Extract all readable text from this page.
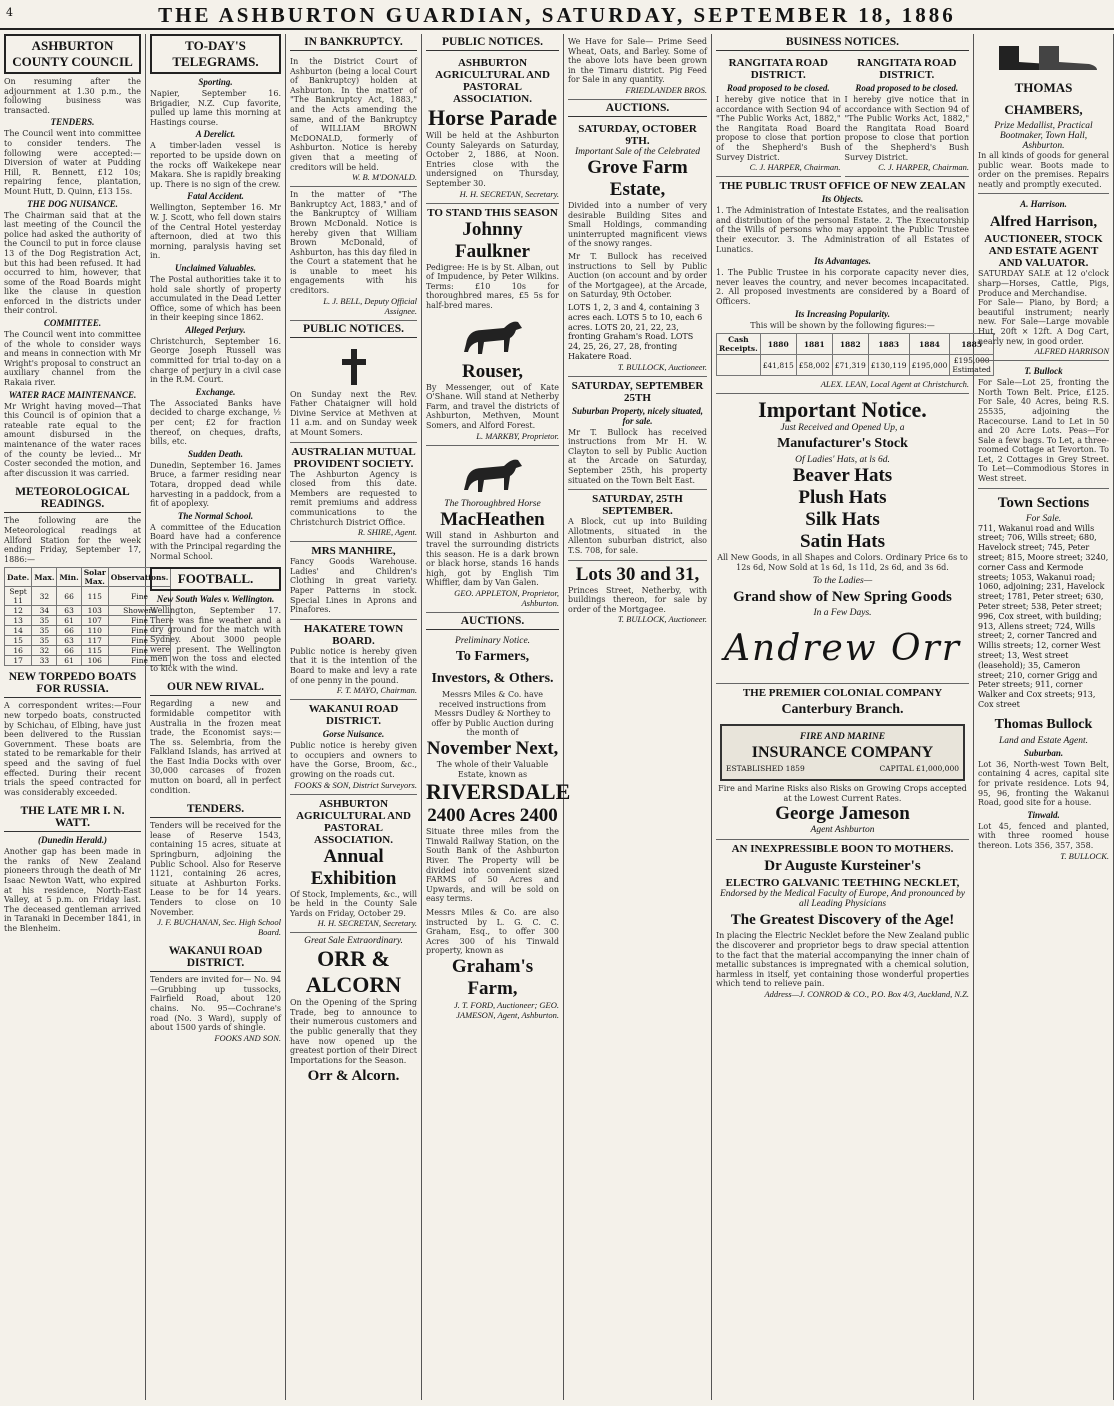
4	THE ASHBURTON GUARDIAN, SATURDAY, SEPTEMBER 18, 1886
ASHBURTON COUNTY COUNCIL
On resuming after the adjournment at 1.30 p.m., the following business was transacted.
TENDERS.
The Council went into committee to consider tenders. The following were accepted:—Diversion of water at Pudding Hill, R. Bennett, £12 10s; repairing fence, plantation, Mount Hutt, D. Quinn, £13 15s.
THE DOG NUISANCE.
The Chairman said that at the last meeting of the Council the police had asked the authority of the Council to put in force clause 13 of the Dog Registration Act, but this had been refused. It had occurred to him, however, that some of the Road Boards might like the clause in question enforced in the districts under their control.
COMMITTEE.
The Council went into committee of the whole to consider ways and means in connection with Mr Wright's proposal to construct an auxiliary channel from the Rakaia river.
WATER RACE MAINTENANCE.
Mr Wright having moved—That this Council is of opinion that a rateable rate equal to the amount disbursed in the maintenance of the water races of the county be levied... Mr Coster seconded the motion, and after discussion it was carried.
METEOROLOGICAL READINGS.
The following are the Meteorological readings at Allford Station for the week ending Friday, September 17, 1886:—
Date.	Max.	Min.	Solar Max.	Observations.
Sept 11	32	66	115	Fine
12	34	63	103	Showers
13	35	61	107	Fine
14	35	66	110	Fine
15	35	63	117	Fine
16	32	66	115	Fine
17	33	61	106	Fine
NEW TORPEDO BOATS FOR RUSSIA.
A correspondent writes:—Four new torpedo boats, constructed by Schichau, of Elbing, have just been delivered to the Russian Government. These boats are stated to be remarkable for their speed and the saving of fuel effected. During their recent trials the speed contracted for was considerably exceeded.
THE LATE MR I. N. WATT.
(Dunedin Herald.)
Another gap has been made in the ranks of New Zealand pioneers through the death of Mr Isaac Newton Watt, who expired at his residence, North-East Valley, at 5 p.m. on Friday last. The deceased gentleman arrived in Taranaki in December 1841, in the Blenheim.
TO-DAY'S TELEGRAMS.
Sporting.
Napier, September 16. Brigadier, N.Z. Cup favorite, pulled up lame this morning at Hastings course.
A Derelict.
A timber-laden vessel is reported to be upside down on the rocks off Waikekepe near Makara. She is rapidly breaking up. There is no sign of the crew.
Fatal Accident.
Wellington, September 16. Mr W. J. Scott, who fell down stairs of the Central Hotel yesterday afternoon, died at two this morning, paralysis having set in.
Unclaimed Valuables.
The Postal authorities take it to hold sale shortly of property accumulated in the Dead Letter Office, some of which has been in their keeping since 1862.
Alleged Perjury.
Christchurch, September 16. George Joseph Russell was committed for trial to-day on a charge of perjury in a civil case in the R.M. Court.
Exchange.
The Associated Banks have decided to charge exchange, ½ per cent; £2 for fraction thereof, on cheques, drafts, bills, etc.
Sudden Death.
Dunedin, September 16. James Bruce, a farmer residing near Totara, dropped dead while harvesting in a paddock, from a fit of apoplexy.
The Normal School.
A committee of the Education Board have had a conference with the Principal regarding the Normal School.
FOOTBALL.
New South Wales v. Wellington.
Wellington, September 17. There was fine weather and a dry ground for the match with Sydney. About 3000 people were present. The Wellington men won the toss and elected to kick with the wind.
OUR NEW RIVAL.
Regarding a new and formidable competitor with Australia in the frozen meat trade, the Economist says:— The ss. Selembria, from the Falkland Islands, has arrived at the East India Docks with over 30,000 carcases of frozen mutton on board, all in perfect condition.
TENDERS.
Tenders will be received for the lease of Reserve 1543, containing 15 acres, situate at Springburn, adjoining the Public School. Also for Reserve 1121, containing 26 acres, situate at Ashburton Forks. Lease to be for 14 years. Tenders to close on 10 November.
J. F. BUCHANAN, Sec. High School Board.
WAKANUI ROAD DISTRICT.
Tenders are invited for— No. 94—Grubbing up tussocks, Fairfield Road, about 120 chains. No. 95—Cochrane's road (No. 3 Ward), supply of about 1500 yards of shingle.
FOOKS AND SON.
IN BANKRUPTCY.
In the District Court of Ashburton (being a local Court of Bankruptcy) holden at Ashburton. In the matter of "The Bankruptcy Act, 1883," and the Acts amending the same, and of the Bankruptcy of WILLIAM BROWN McDONALD, formerly of Ashburton. Notice is hereby given that a meeting of creditors will be held.
W. B. M'DONALD.
In the matter of "The Bankruptcy Act, 1883," and of the Bankruptcy of William Brown McDonald. Notice is hereby given that William Brown McDonald, of Ashburton, has this day filed in the Court a statement that he is unable to meet his engagements with his creditors.
L. J. BELL, Deputy Official Assignee.
PUBLIC NOTICES.
On Sunday next the Rev. Father Chataigner will hold Divine Service at Methven at 11 a.m. and on Sunday week at Mount Somers.
AUSTRALIAN MUTUAL PROVIDENT SOCIETY.
The Ashburton Agency is closed from this date. Members are requested to remit premiums and address communications to the Christchurch District Office.
R. SHIRE, Agent.
MRS MANHIRE,
Fancy Goods Warehouse. Ladies' and Children's Clothing in great variety. Paper Patterns in stock. Special Lines in Aprons and Pinafores.
HAKATERE TOWN BOARD.
Public notice is hereby given that it is the intention of the Board to make and levy a rate of one penny in the pound.
F. T. MAYO, Chairman.
WAKANUI ROAD DISTRICT.
Gorse Nuisance.
Public notice is hereby given to occupiers and owners to have the Gorse, Broom, &c., growing on the roads cut.
FOOKS & SON, District Surveyors.
ASHBURTON AGRICULTURAL AND PASTORAL ASSOCIATION.
Annual Exhibition
Of Stock, Implements, &c., will be held in the County Sale Yards on Friday, October 29.
H. H. SECRETAN, Secretary.
Great Sale Extraordinary.
ORR & ALCORN
On the Opening of the Spring Trade, beg to announce to their numerous customers and the public generally that they have now opened up the greatest portion of their Direct Importations for the Season.
Orr & Alcorn.
PUBLIC NOTICES.
ASHBURTON AGRICULTURAL AND PASTORAL ASSOCIATION.
Horse Parade
Will be held at the Ashburton County Saleyards on Saturday, October 2, 1886, at Noon. Entries close with the undersigned on Thursday, September 30.
H. H. SECRETAN, Secretary.
TO STAND THIS SEASON
Johnny Faulkner
Pedigree: He is by St. Alban, out of Impudence, by Peter Wilkins. Terms: £10 10s for thoroughbred mares, £5 5s for half-bred mares.
Rouser,
By Messenger, out of Kate O'Shane. Will stand at Netherby Farm, and travel the districts of Ashburton, Methven, Mount Somers, and Alford Forest.
L. MARKBY, Proprietor.
The Thoroughbred Horse
MacHeathen
Will stand in Ashburton and travel the surrounding districts this season. He is a dark brown or black horse, stands 16 hands high, got by English Tim Whiffler, dam by Van Galen.
GEO. APPLETON, Proprietor, Ashburton.
AUCTIONS.
Preliminary Notice.
To Farmers, Investors, & Others.
Messrs Miles & Co. have received instructions from Messrs Dudley & Northey to offer by Public Auction during the month of
November Next,
The whole of their Valuable Estate, known as
RIVERSDALE
2400 Acres 2400
Situate three miles from the Tinwald Railway Station, on the South Bank of the Ashburton River. The Property will be divided into convenient sized FARMS of 50 Acres and Upwards, and will be sold on easy terms.
Messrs Miles & Co. are also instructed by L. G. C. C. Graham, Esq., to offer 300 Acres 300 of his Tinwald property, known as
Graham's Farm,
J. T. FORD, Auctioneer; GEO. JAMESON, Agent, Ashburton.
We Have for Sale— Prime Seed Wheat, Oats, and Barley. Some of the above lots have been grown in the Timaru district. Pig Feed for Sale in any quantity.
FRIEDLANDER BROS.
AUCTIONS.
SATURDAY, OCTOBER 9TH.
Important Sale of the Celebrated
Grove Farm Estate,
Divided into a number of very desirable Building Sites and Small Holdings, commanding uninterrupted magnificent views of the snowy ranges.
Mr T. Bullock has received instructions to Sell by Public Auction (on account and by order of the Mortgagee), at the Arcade, on Saturday, 9th October.
LOTS 1, 2, 3 and 4, containing 3 acres each. LOTS 5 to 10, each 6 acres. LOTS 20, 21, 22, 23, fronting Graham's Road. LOTS 24, 25, 26, 27, 28, fronting Hakatere Road.
T. BULLOCK, Auctioneer.
SATURDAY, SEPTEMBER 25TH
Suburban Property, nicely situated, for sale.
Mr T. Bullock has received instructions from Mr H. W. Clayton to sell by Public Auction at the Arcade on Saturday, September 25th, his property situated on the Town Belt East.
SATURDAY, 25TH SEPTEMBER.
A Block, cut up into Building Allotments, situated in the Allenton suburban district, also T.S. 708, for sale.
Lots 30 and 31,
Princes Street, Netherby, with buildings thereon, for sale by order of the Mortgagee.
T. BULLOCK, Auctioneer.
BUSINESS NOTICES.
RANGITATA ROAD DISTRICT.
Road proposed to be closed.
I hereby give notice that in accordance with Section 94 of "The Public Works Act, 1882," the Rangitata Road Board propose to close that portion of the Shepherd's Bush Survey District.
C. J. HARPER, Chairman.
RANGITATA ROAD DISTRICT.
Road proposed to be closed.
I hereby give notice that in accordance with Section 94 of "The Public Works Act, 1882," the Rangitata Road Board propose to close that portion of the Shepherd's Bush Survey District.
C. J. HARPER, Chairman.
THE PUBLIC TRUST OFFICE OF NEW ZEALAN
Its Objects.
1. The Administration of Intestate Estates, and the realisation and distribution of the personal Estate. 2. The Executorship of the Wills of persons who may appoint the Public Trustee their executor. 3. The Administration of all Estates of Lunatics.
Its Advantages.
1. The Public Trustee in his corporate capacity never dies, never leaves the country, and never becomes incapacitated. 2. All proposed investments are considered by a Board of Officers.
Its Increasing Popularity.
This will be shown by the following figures:—
Cash Receipts.	1880	1881	1882	1883	1884	1885
	£41,815	£58,002	£71,319	£130,119	£195,000	£195,000 Estimated
ALEX. LEAN, Local Agent at Christchurch.
Important Notice.
Just Received and Opened Up, a
Manufacturer's Stock
Of Ladies' Hats, at ls 6d.
Beaver Hats
Plush Hats
Silk Hats
Satin Hats
All New Goods, in all Shapes and Colors. Ordinary Price 6s to 12s 6d, Now Sold at 1s 6d, 1s 11d, 2s 6d, and 3s 6d.
To the Ladies—
Grand show of New Spring Goods
In a Few Days.
Andrew Orr
THE PREMIER COLONIAL COMPANY
Canterbury Branch.
FIRE AND MARINE
INSURANCE COMPANY
ESTABLISHED 1859	CAPITAL £1,000,000
Fire and Marine Risks also Risks on Growing Crops accepted at the Lowest Current Rates.
George Jameson
Agent Ashburton
AN INEXPRESSIBLE BOON TO MOTHERS.
Dr Auguste Kursteiner's
ELECTRO GALVANIC TEETHING NECKLET,
Endorsed by the Medical Faculty of Europe, And pronounced by all Leading Physicians
The Greatest Discovery of the Age!
In placing the Electric Necklet before the New Zealand public the discoverer and proprietor begs to draw special attention to the fact that the material accompanying the inner chain of metallic substances is impregnated with a chemical solution, harmless in itself, yet containing those wonderful properties which tend to relieve pain.
Address—J. CONROD & CO., P.O. Box 4/3, Auckland, N.Z.
THOMAS CHAMBERS,
Prize Medallist, Practical Bootmaker, Town Hall, Ashburton.
In all kinds of goods for general public wear. Boots made to order on the premises. Repairs neatly and promptly executed.
A. Harrison.
Alfred Harrison,
AUCTIONEER, STOCK AND ESTATE AGENT AND VALUATOR.
SATURDAY SALE at 12 o'clock sharp—Horses, Cattle, Pigs, Produce and Merchandise.
For Sale— Piano, by Bord; a beautiful instrument; nearly new. For Sale—Large movable Hut, 20ft × 12ft. A Dog Cart, nearly new, in good order.
ALFRED HARRISON
T. Bullock
For Sale—Lot 25, fronting the North Town Belt. Price, £125. For Sale, 40 Acres, being R.S. 25535, adjoining the Racecourse. Land to Let in 50 and 20 Acre Lots. Peas—For Sale a few bags. To Let, a three-roomed Cottage at Tevorton. To Let, 2 Cottages in Grey Street. To Let—Commodious Stores in West street.
Town Sections
For Sale.
711, Wakanui road and Wills street; 706, Wills street; 680, Havelock street; 745, Peter street; 815, Moore street; 3240, corner Cass and Kermode streets; 1053, Wakanui road; 1060, adjoining; 231, Havelock street; 1781, Peter street; 630, Peter street; 538, Peter street; 996, Cox street, with building; 913, Allens street; 724, Wills street; 2, corner Tancred and Willis streets; 12, corner West street; 13, West street (leasehold); 35, Cameron street; 210, corner Grigg and Peter streets; 911, corner Walker and Cox streets; 913, Cox street
Thomas Bullock
Land and Estate Agent.
Suburban.
Lot 36, North-west Town Belt, containing 4 acres, capital site for private residence. Lots 94, 95, 96, fronting the Wakanui Road, good site for a house.
Tinwald.
Lot 45, fenced and planted, with three roomed house thereon. Lots 356, 357, 358.
T. BULLOCK.
